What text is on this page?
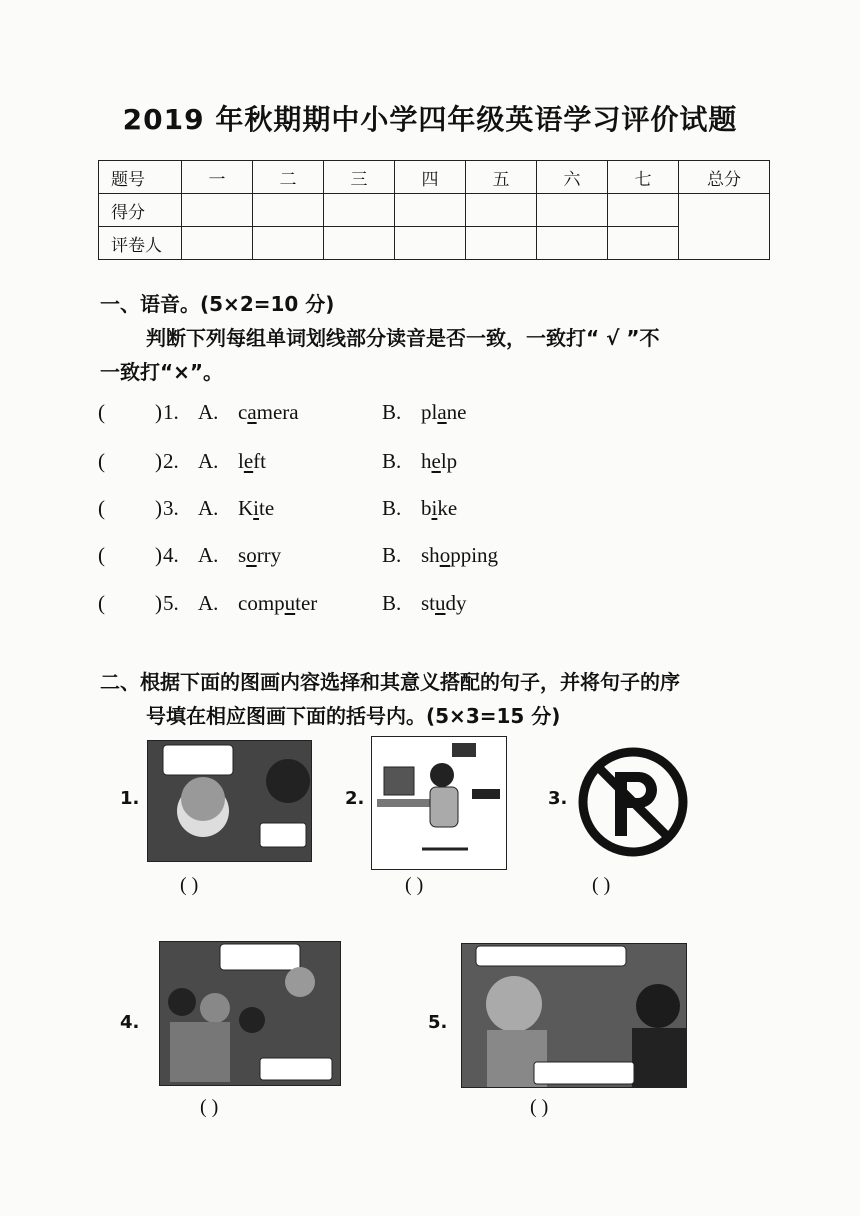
2019 年秋期期中小学四年级英语学习评价试题
题号	一	二	三	四	五	六	七	总分
得分								
评卷人								
一、语音。(5×2=10 分)
判断下列每组单词划线部分读音是否一致，一致打“ √ ”不
一致打“×”。
( ) 1. A. camera	B. plane
( ) 2. A. left	B. help
( ) 3. A. Kite	B. bike
( ) 4. A. sorry	B. shopping
( ) 5. A. computer	B. study
二、根据下面的图画内容选择和其意义搭配的句子，并将句子的序
号填在相应图画下面的括号内。(5×3=15 分)
1.
( )
2.
( )
3.
( )
4.
( )
5.
( )
